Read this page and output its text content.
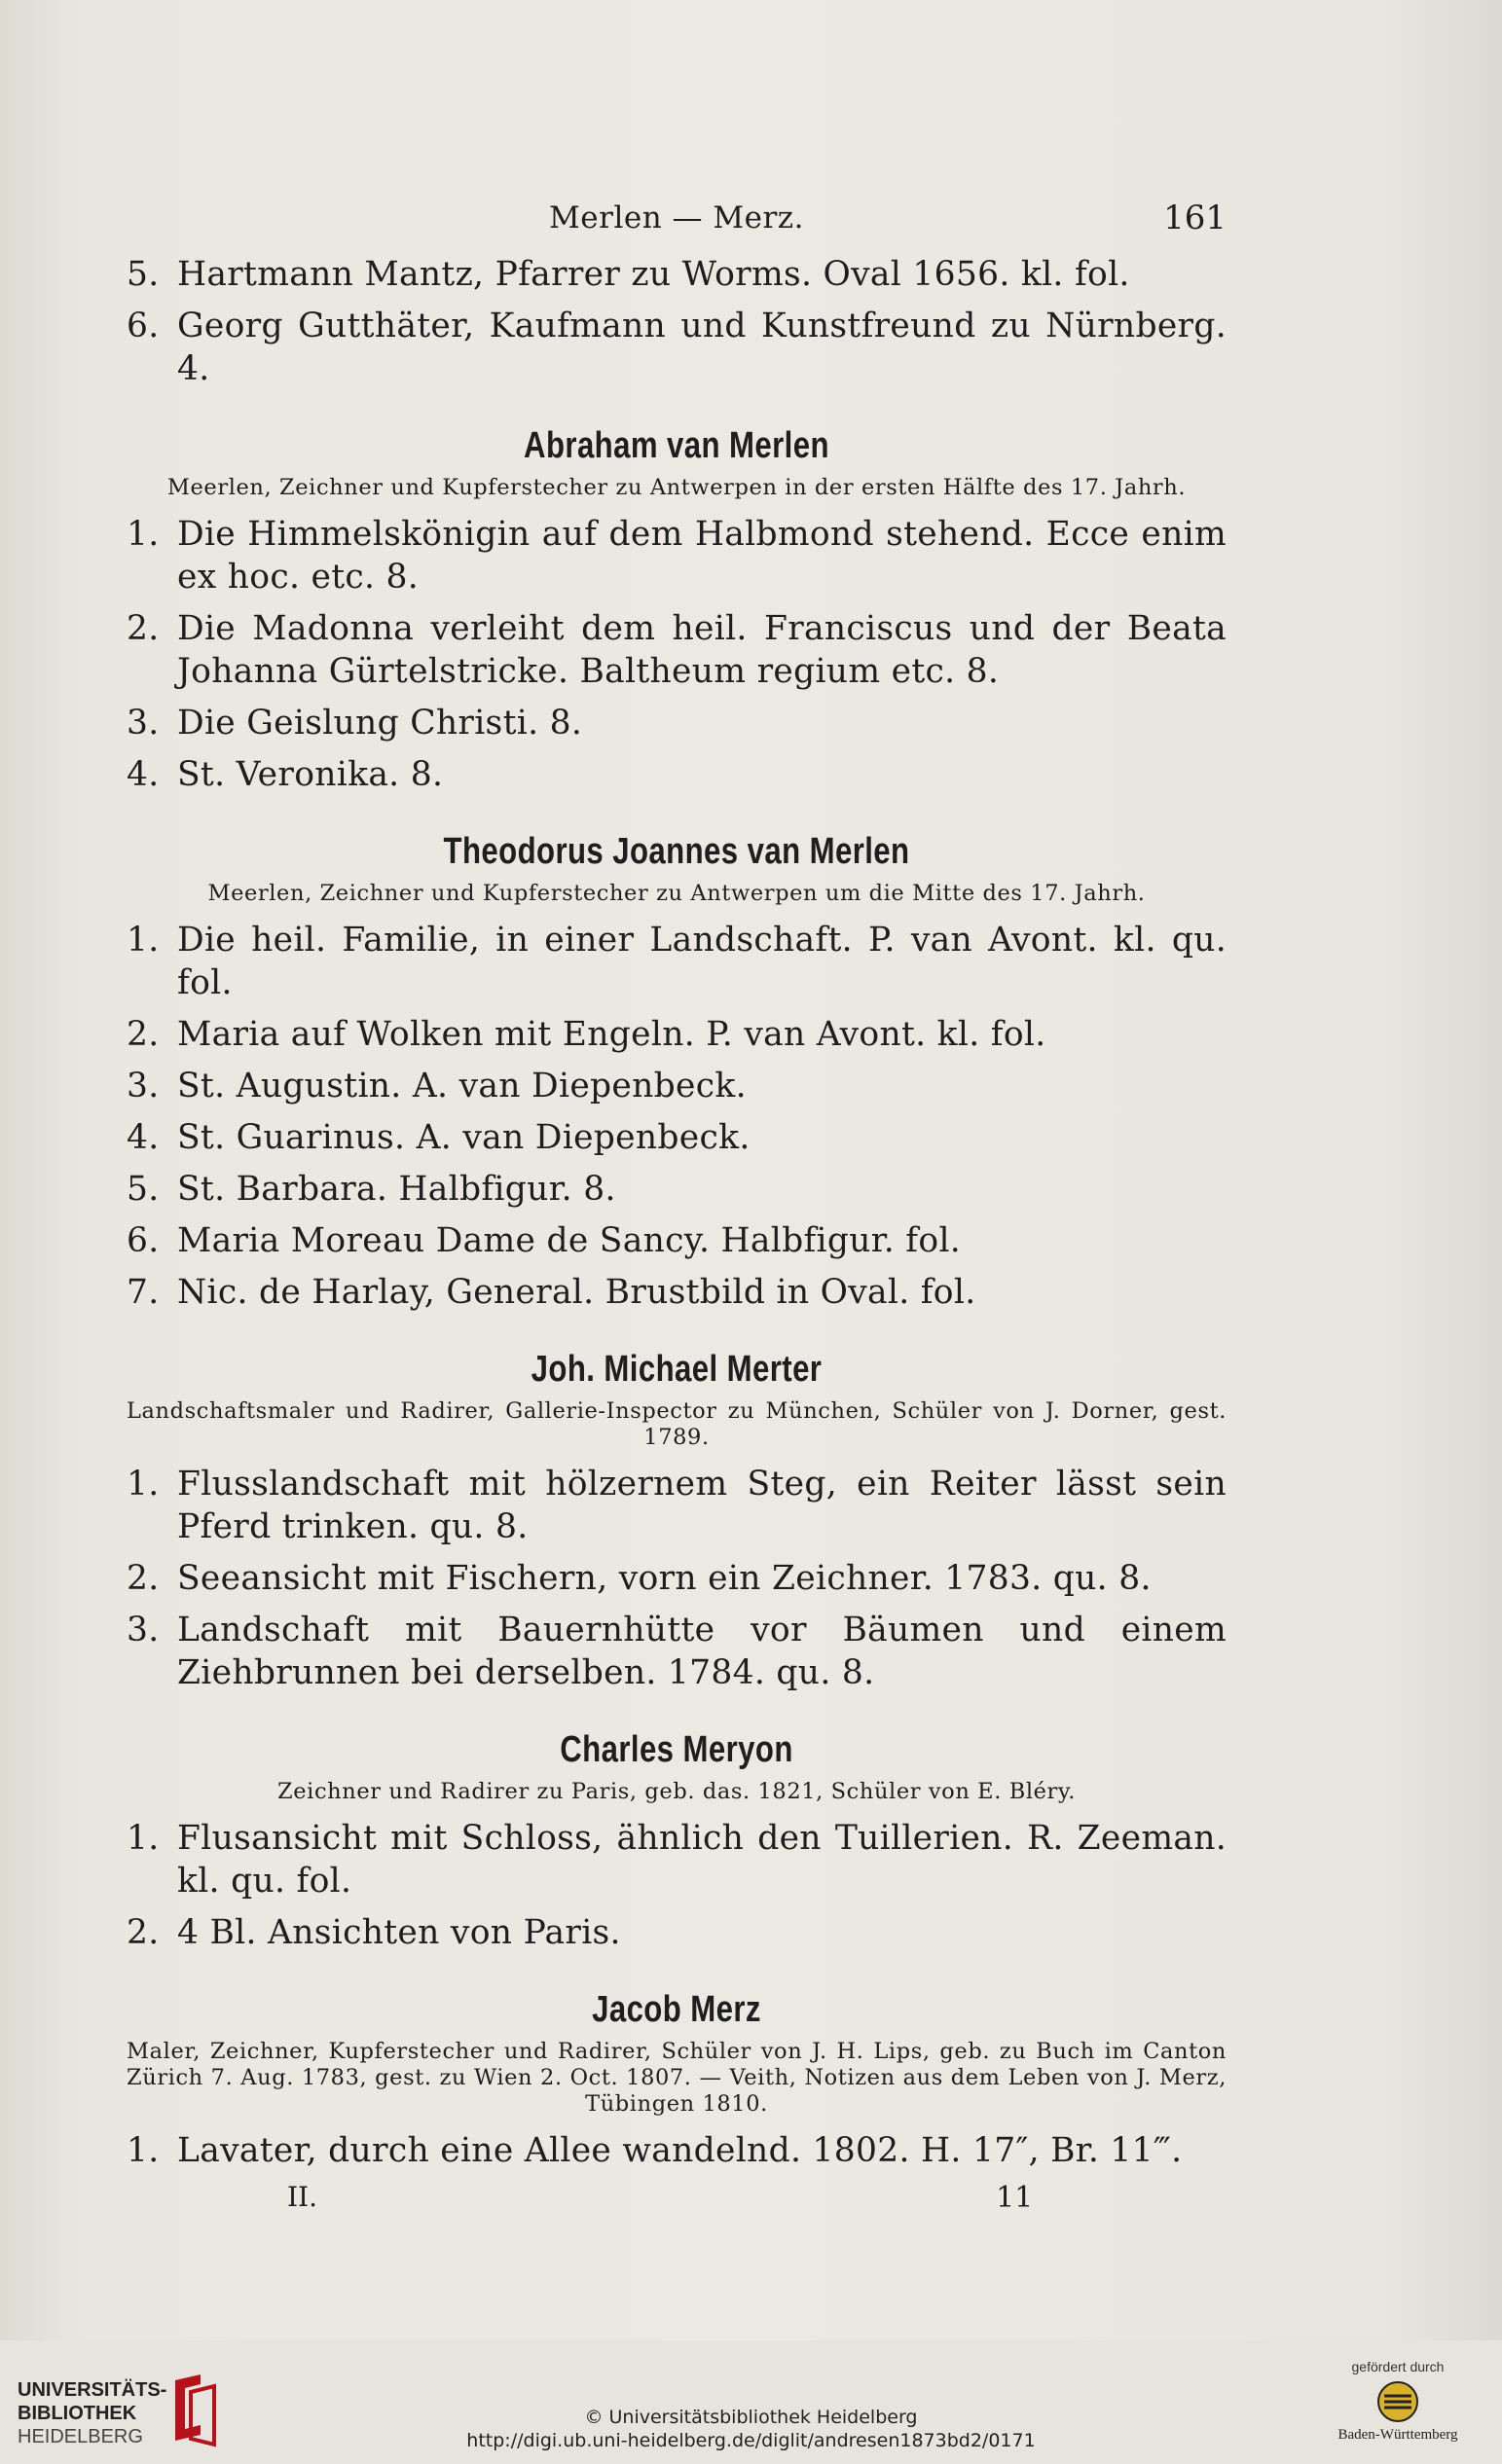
Merlen — Merz.	161
5. Hartmann Mantz, Pfarrer zu Worms. Oval 1656. kl. fol.
6. Georg Gutthäter, Kaufmann und Kunstfreund zu Nürnberg. 4.
Abraham van Merlen
Meerlen, Zeichner und Kupferstecher zu Antwerpen in der ersten Hälfte des 17. Jahrh.
1. Die Himmelskönigin auf dem Halbmond stehend. Ecce enim ex hoc. etc. 8.
2. Die Madonna verleiht dem heil. Franciscus und der Beata Johanna Gürtelstricke. Baltheum regium etc. 8.
3. Die Geislung Christi. 8.
4. St. Veronika. 8.
Theodorus Joannes van Merlen
Meerlen, Zeichner und Kupferstecher zu Antwerpen um die Mitte des 17. Jahrh.
1. Die heil. Familie, in einer Landschaft. P. van Avont. kl. qu. fol.
2. Maria auf Wolken mit Engeln. P. van Avont. kl. fol.
3. St. Augustin. A. van Diepenbeck.
4. St. Guarinus. A. van Diepenbeck.
5. St. Barbara. Halbfigur. 8.
6. Maria Moreau Dame de Sancy. Halbfigur. fol.
7. Nic. de Harlay, General. Brustbild in Oval. fol.
Joh. Michael Merter
Landschaftsmaler und Radirer, Gallerie-Inspector zu München, Schüler von J. Dorner, gest. 1789.
1. Flusslandschaft mit hölzernem Steg, ein Reiter lässt sein Pferd trinken. qu. 8.
2. Seeansicht mit Fischern, vorn ein Zeichner. 1783. qu. 8.
3. Landschaft mit Bauernhütte vor Bäumen und einem Ziehbrunnen bei derselben. 1784. qu. 8.
Charles Meryon
Zeichner und Radirer zu Paris, geb. das. 1821, Schüler von E. Bléry.
1. Flusansicht mit Schloss, ähnlich den Tuillerien. R. Zeeman. kl. qu. fol.
2. 4 Bl. Ansichten von Paris.
Jacob Merz
Maler, Zeichner, Kupferstecher und Radirer, Schüler von J. H. Lips, geb. zu Buch im Canton Zürich 7. Aug. 1783, gest. zu Wien 2. Oct. 1807. — Veith, Notizen aus dem Leben von J. Merz, Tübingen 1810.
1. Lavater, durch eine Allee wandelnd. 1802. H. 17″, Br. 11‴.
II.	11
UNIVERSITÄTS-
BIBLIOTHEK
HEIDELBERG
© Universitätsbibliothek Heidelberg
http://digi.ub.uni-heidelberg.de/diglit/andresen1873bd2/0171
gefördert durch
Baden-Württemberg
